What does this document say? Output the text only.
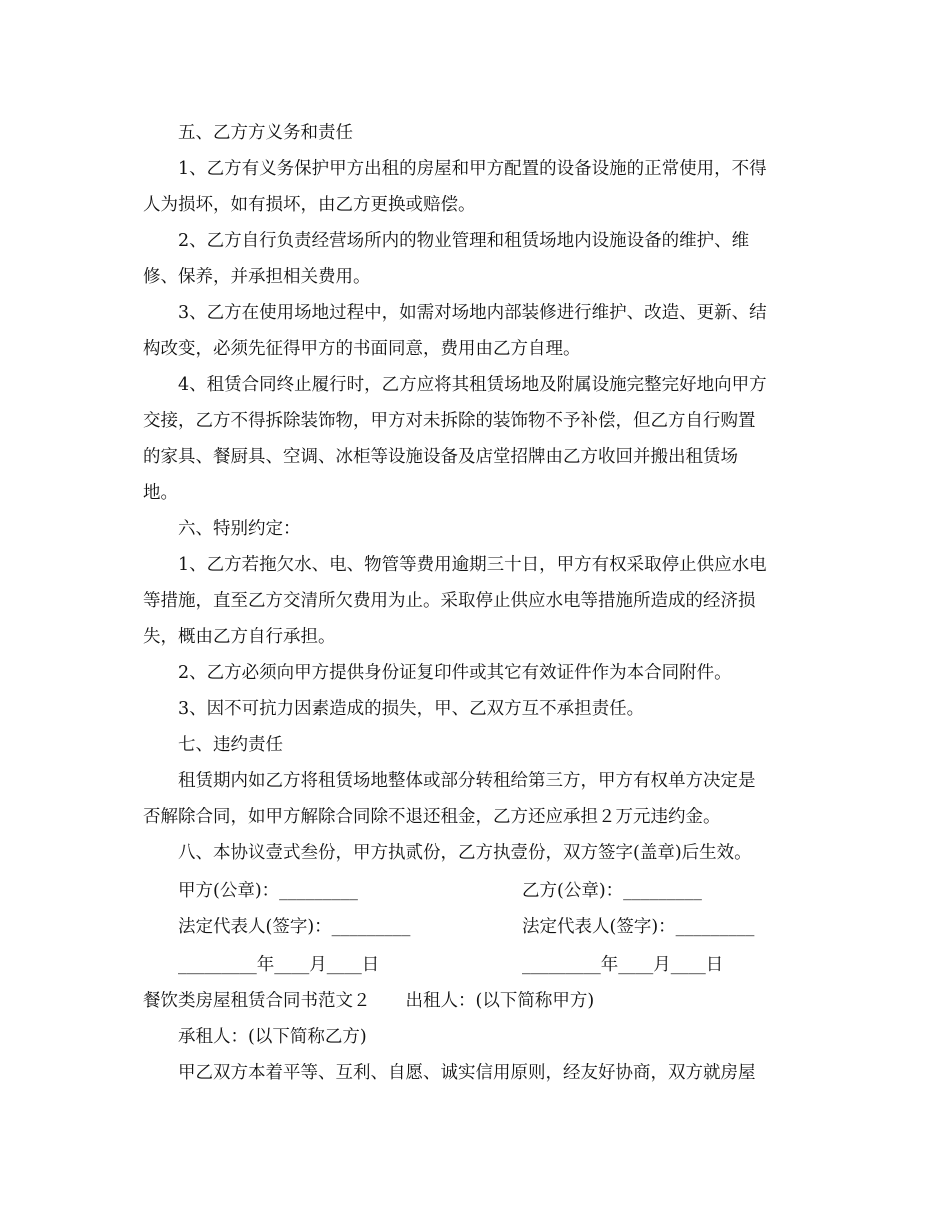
五、乙方方义务和责任
1、乙方有义务保护甲方出租的房屋和甲方配置的设备设施的正常使用，不得
人为损坏，如有损坏，由乙方更换或赔偿。
2、乙方自行负责经营场所内的物业管理和租赁场地内设施设备的维护、维
修、保养，并承担相关费用。
3、乙方在使用场地过程中，如需对场地内部装修进行维护、改造、更新、结
构改变，必须先征得甲方的书面同意，费用由乙方自理。
4、租赁合同终止履行时，乙方应将其租赁场地及附属设施完整完好地向甲方
交接，乙方不得拆除装饰物，甲方对未拆除的装饰物不予补偿，但乙方自行购置
的家具、餐厨具、空调、冰柜等设施设备及店堂招牌由乙方收回并搬出租赁场
地。
六、特别约定：
1、乙方若拖欠水、电、物管等费用逾期三十日，甲方有权采取停止供应水电
等措施，直至乙方交清所欠费用为止。采取停止供应水电等措施所造成的经济损
失，概由乙方自行承担。
2、乙方必须向甲方提供身份证复印件或其它有效证件作为本合同附件。
3、因不可抗力因素造成的损失，甲、乙双方互不承担责任。
七、违约责任
租赁期内如乙方将租赁场地整体或部分转租给第三方，甲方有权单方决定是
否解除合同，如甲方解除合同除不退还租金，乙方还应承担２万元违约金。
八、本协议壹式叁份，甲方执贰份，乙方执壹份，双方签字(盖章)后生效。
甲方(公章)：_________	乙方(公章)：_________
法定代表人(签字)：_________	法定代表人(签字)：_________
_________年____月____日	_________年____月____日
餐饮类房屋租赁合同书范文２　　出租人：(以下简称甲方)
承租人：(以下简称乙方)
甲乙双方本着平等、互利、自愿、诚实信用原则，经友好协商，双方就房屋
